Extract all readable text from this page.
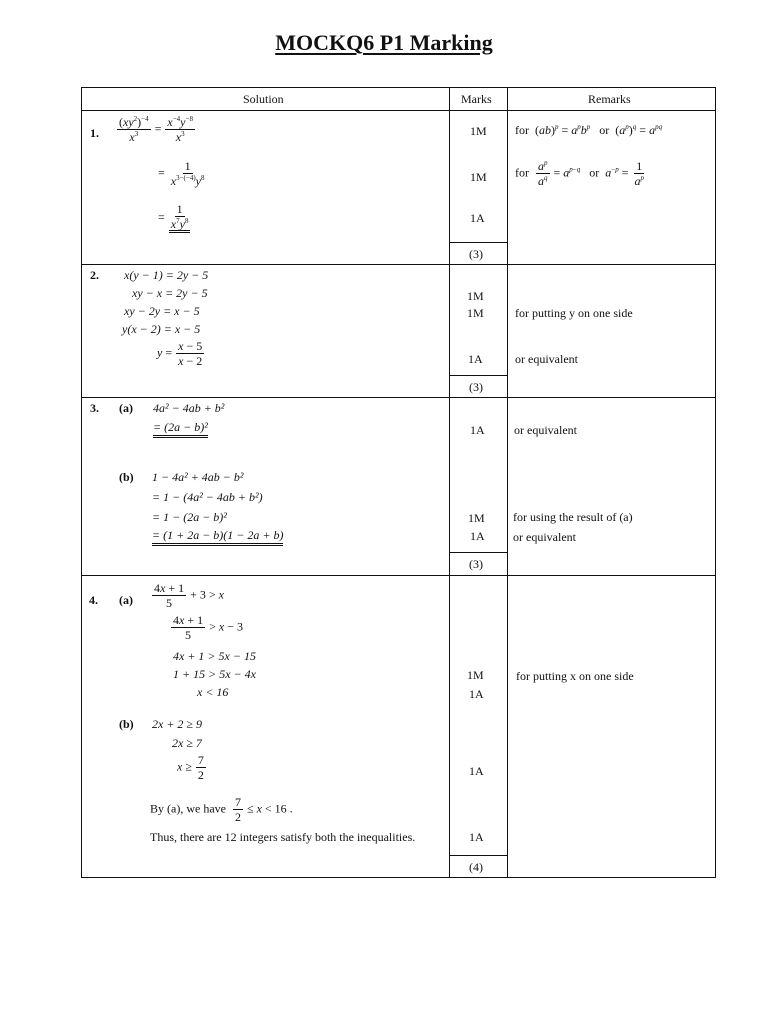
MOCKQ6 P1 Marking
Solution	Marks	Remarks
1. $\frac{(xy^2)^{-4}}{x^3} = \frac{x^{-4}y^{-8}}{x^3}$
= $\frac{1}{x^{3-(-4)}y^8}$
= $\frac{1}{x^7y^8}$
1M
1M
1A
(3)
for  $(ab)^p = a^pb^p$ or  $(a^p)^q = a^{pq}$
for $\frac{a^p}{a^q} = a^{p-q}$ or $a^{-p} = \frac{1}{a^p}$
2. x(y − 1) = 2y − 5
xy − x = 2y − 5
xy − 2y = x − 5
y(x − 2) = x − 5
$y = \frac{x - 5}{x - 2}$
1M
1M
1A
(3)
for putting y on one side
or equivalent
3. (a) 4a² − 4ab + b²
= (2a − b)²
(b) 1 − 4a² + 4ab − b²
= 1 − (4a² − 4ab + b²)
= 1 − (2a − b)²
= (1 + 2a − b)(1 − 2a + b)
1A
1M
1A
(3)
or equivalent
for using the result of (a)
or equivalent
4. $(a) \frac{4x + 1}{5} + 3 > x$
$\frac{4x + 1}{5} > x - 3$
4x + 1 > 5x − 15
1 + 15 > 5x − 4x
x < 16
(b) 2x + 2 ≥ 9
2x ≥ 7
$x \ge \frac{7}{2}$
By (a), we have $\frac{7}{2} \le x < 16$ .
Thus, there are 12 integers satisfy both the inequalities.
1M
1A
1A
1A
(4)
for putting x on one side
